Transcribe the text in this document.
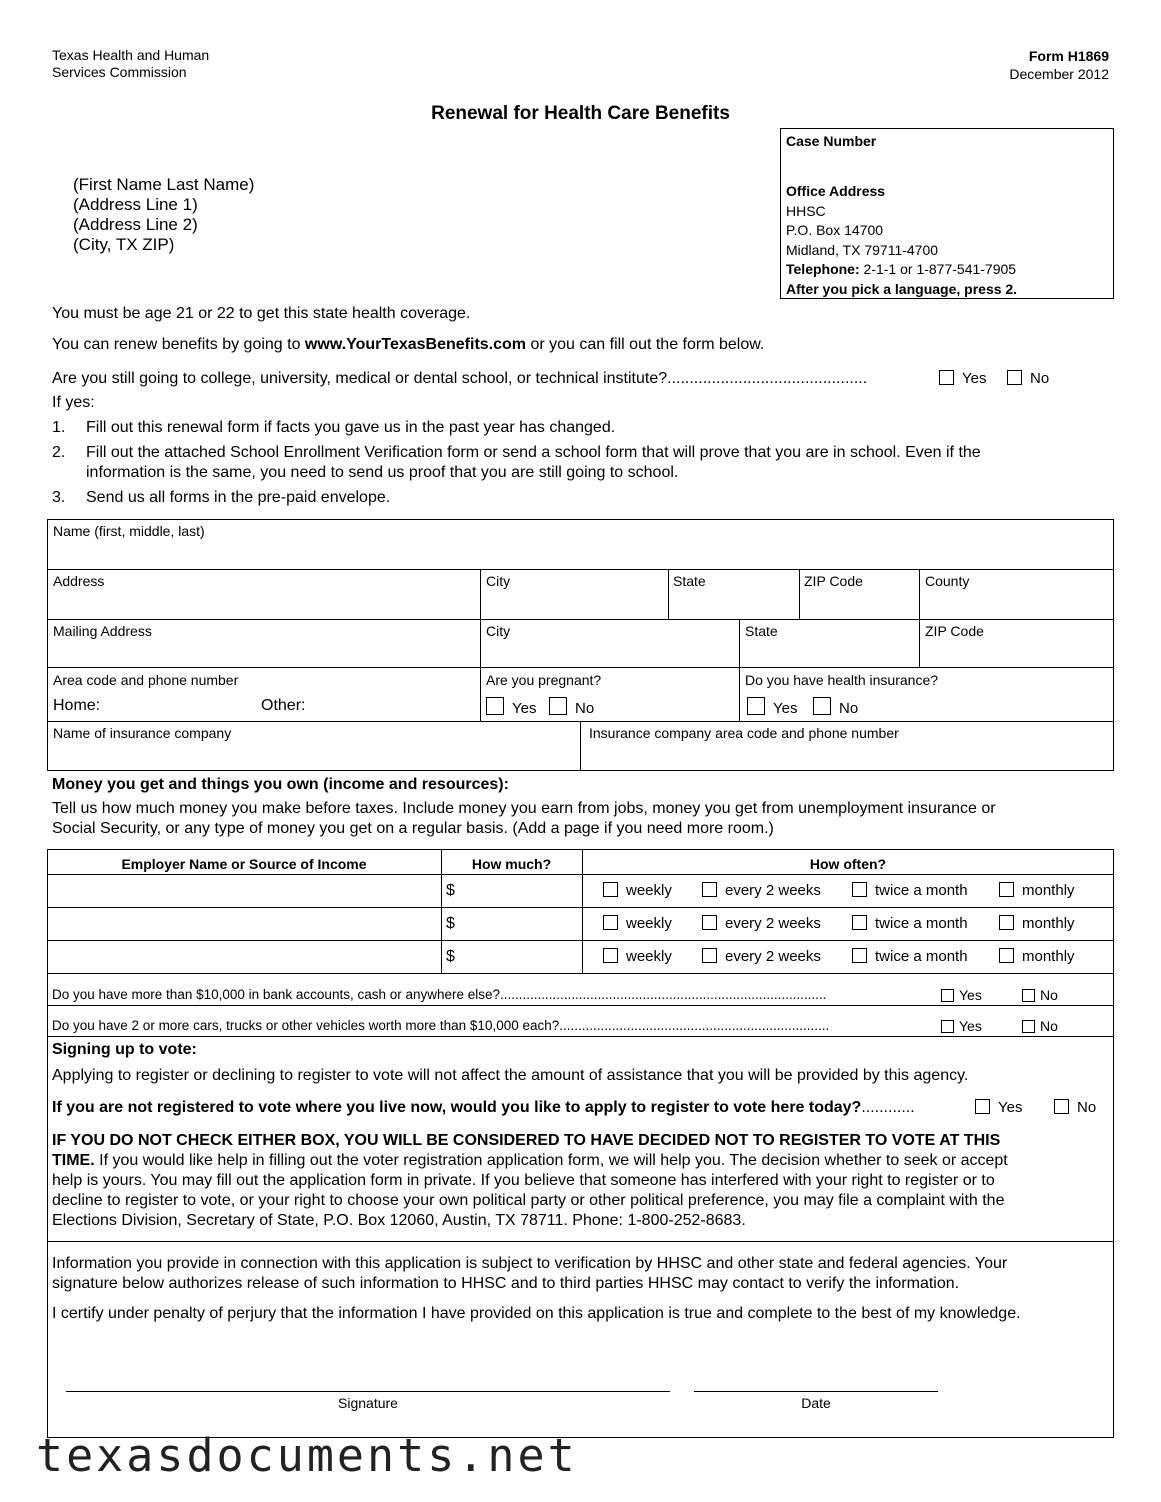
Texas Health and Human
Services Commission
Form H1869
December 2012
Renewal for Health Care Benefits
(First Name Last Name)
(Address Line 1)
(Address Line 2)
(City, TX ZIP)
Case Number
Office Address
HHSC
P.O. Box 14700
Midland, TX 79711-4700
Telephone: 2-1-1 or 1-877-541-7905
After you pick a language, press 2.
You must be age 21 or 22 to get this state health coverage.
You can renew benefits by going to www.YourTexasBenefits.com or you can fill out the form below.
Are you still going to college, university, medical or dental school, or technical institute?.............................................	Yes	No
If yes:
1. Fill out this renewal form if facts you gave us in the past year has changed.
2. Fill out the attached School Enrollment Verification form or send a school form that will prove that you are in school. Even if the
information is the same, you need to send us proof that you are still going to school.
3. Send us all forms in the pre-paid envelope.
Name (first, middle, last)
Address	City	State	ZIP Code	County
Mailing Address	City	State	ZIP Code
Area code and phone number
Home:	Other:
Are you pregnant?
Yes	No
Do you have health insurance?
Yes	No
Name of insurance company	Insurance company area code and phone number
Money you get and things you own (income and resources):
Tell us how much money you make before taxes. Include money you earn from jobs, money you get from unemployment insurance or
Social Security, or any type of money you get on a regular basis. (Add a page if you need more room.)
Employer Name or Source of Income	How much?	How often?
$	weekly	every 2 weeks	twice a month	monthly
$	weekly	every 2 weeks	twice a month	monthly
$	weekly	every 2 weeks	twice a month	monthly
Do you have more than $10,000 in bank accounts, cash or anywhere else?.......................................................................................	Yes	No
Do you have 2 or more cars, trucks or other vehicles worth more than $10,000 each?........................................................................	Yes	No
Signing up to vote:
Applying to register or declining to register to vote will not affect the amount of assistance that you will be provided by this agency.
If you are not registered to vote where you live now, would you like to apply to register to vote here today?............	Yes	No
IF YOU DO NOT CHECK EITHER BOX, YOU WILL BE CONSIDERED TO HAVE DECIDED NOT TO REGISTER TO VOTE AT THIS
TIME. If you would like help in filling out the voter registration application form, we will help you. The decision whether to seek or accept
help is yours. You may fill out the application form in private. If you believe that someone has interfered with your right to register or to
decline to register to vote, or your right to choose your own political party or other political preference, you may file a complaint with the
Elections Division, Secretary of State, P.O. Box 12060, Austin, TX 78711. Phone: 1-800-252-8683.
Information you provide in connection with this application is subject to verification by HHSC and other state and federal agencies. Your
signature below authorizes release of such information to HHSC and to third parties HHSC may contact to verify the information.
I certify under penalty of perjury that the information I have provided on this application is true and complete to the best of my knowledge.
Signature	Date
texasdocuments.net
